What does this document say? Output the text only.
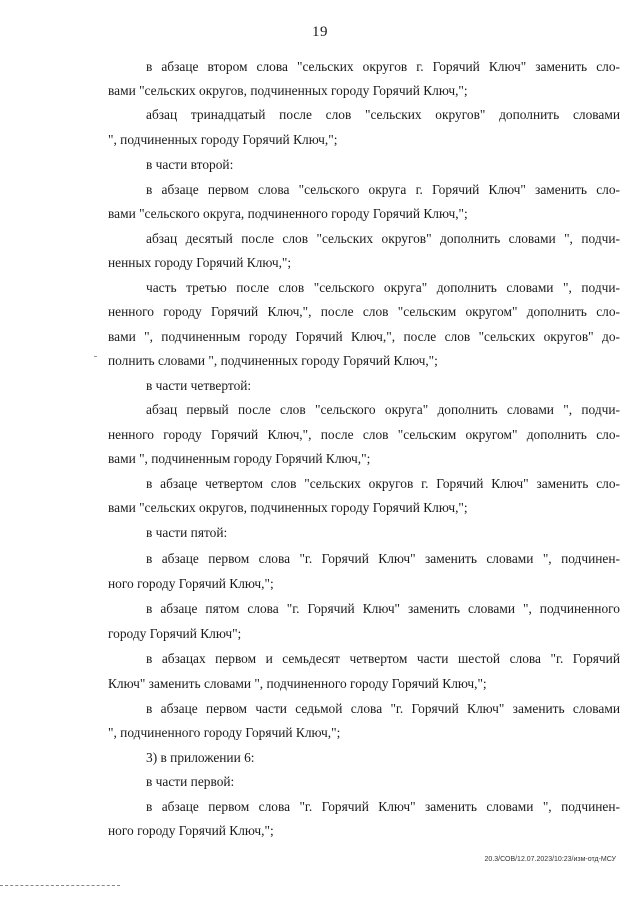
19
в абзаце втором слова "сельских округов г. Горячий Ключ" заменить сло-
вами "сельских округов, подчиненных городу Горячий Ключ,";
абзац тринадцатый после слов "сельских округов" дополнить словами
", подчиненных городу Горячий Ключ,";
в части второй:
в абзаце первом слова "сельского округа г. Горячий Ключ" заменить сло-
вами "сельского округа, подчиненного городу Горячий Ключ,";
абзац десятый после слов "сельских округов" дополнить словами ", подчи-
ненных городу Горячий Ключ,";
часть третью после слов "сельского округа" дополнить словами ", подчи-
ненного городу Горячий Ключ,", после слов "сельским округом" дополнить сло-
вами ", подчиненным городу Горячий Ключ,", после слов "сельских округов" до-
полнить словами ", подчиненных городу Горячий Ключ,";
в части четвертой:
абзац первый после слов "сельского округа" дополнить словами ", подчи-
ненного городу Горячий Ключ,", после слов "сельским округом" дополнить сло-
вами ", подчиненным городу Горячий Ключ,";
в абзаце четвертом слов "сельских округов г. Горячий Ключ" заменить сло-
вами "сельских округов, подчиненных городу Горячий Ключ,";
в части пятой:
в абзаце первом слова "г. Горячий Ключ" заменить словами ", подчинен-
ного городу Горячий Ключ,";
в абзаце пятом слова "г. Горячий Ключ" заменить словами ", подчиненного
городу Горячий Ключ";
в абзацах первом и семьдесят четвертом части шестой слова "г. Горячий
Ключ" заменить словами ", подчиненного городу Горячий Ключ,";
в абзаце первом части седьмой слова "г. Горячий Ключ" заменить словами
", подчиненного городу Горячий Ключ,";
3) в приложении 6:
в части первой:
в абзаце первом слова "г. Горячий Ключ" заменить словами ", подчинен-
ного городу Горячий Ключ,";
20.3/СОВ/12.07.2023/10:23/изм-отд-МСУ
